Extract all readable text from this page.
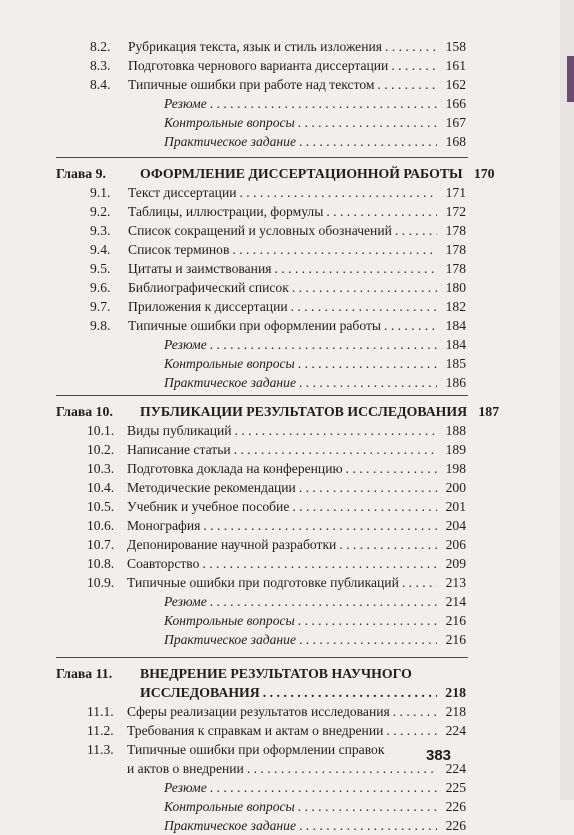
8.2.	Рубрикация текста, язык и стиль изложения . . .	158
8.3.	Подготовка чернового варианта диссертации . . .	161
8.4.	Типичные ошибки при работе над текстом . . .	162
Резюме . . .	166
Контрольные вопросы . . .	167
Практическое задание . . .	168
Глава 9.	ОФОРМЛЕНИЕ ДИССЕРТАЦИОННОЙ РАБОТЫ 170
9.1.	Текст диссертации . . .	171
9.2.	Таблицы, иллюстрации, формулы . . .	172
9.3.	Список сокращений и условных обозначений . . .	178
9.4.	Список терминов . . .	178
9.5.	Цитаты и заимствования . . .	178
9.6.	Библиографический список . . .	180
9.7.	Приложения к диссертации . . .	182
9.8.	Типичные ошибки при оформлении работы . . .	184
Резюме . . .	184
Контрольные вопросы . . .	185
Практическое задание . . .	186
Глава 10.	ПУБЛИКАЦИИ РЕЗУЛЬТАТОВ ИССЛЕДОВАНИЯ 187
10.1. Виды публикаций . . .	188
10.2. Написание статьи . . .	189
10.3. Подготовка доклада на конференцию . . .	198
10.4. Методические рекомендации . . .	200
10.5. Учебник и учебное пособие . . .	201
10.6. Монография . . .	204
10.7. Депонирование научной разработки . . .	206
10.8. Соавторство . . .	209
10.9. Типичные ошибки при подготовке публикаций . . .	213
Резюме . . .	214
Контрольные вопросы . . .	216
Практическое задание . . .	216
Глава 11.	ВНЕДРЕНИЕ РЕЗУЛЬТАТОВ НАУЧНОГО
ИССЛЕДОВАНИЯ . . .	218
11.1. Сферы реализации результатов исследования . . .	218
11.2. Требования к справкам и актам о внедрении . . .	224
11.3. Типичные ошибки при оформлении справок
и актов о внедрении . . .	224
Резюме . . .	225
Контрольные вопросы . . .	226
Практическое задание . . .	226
383
